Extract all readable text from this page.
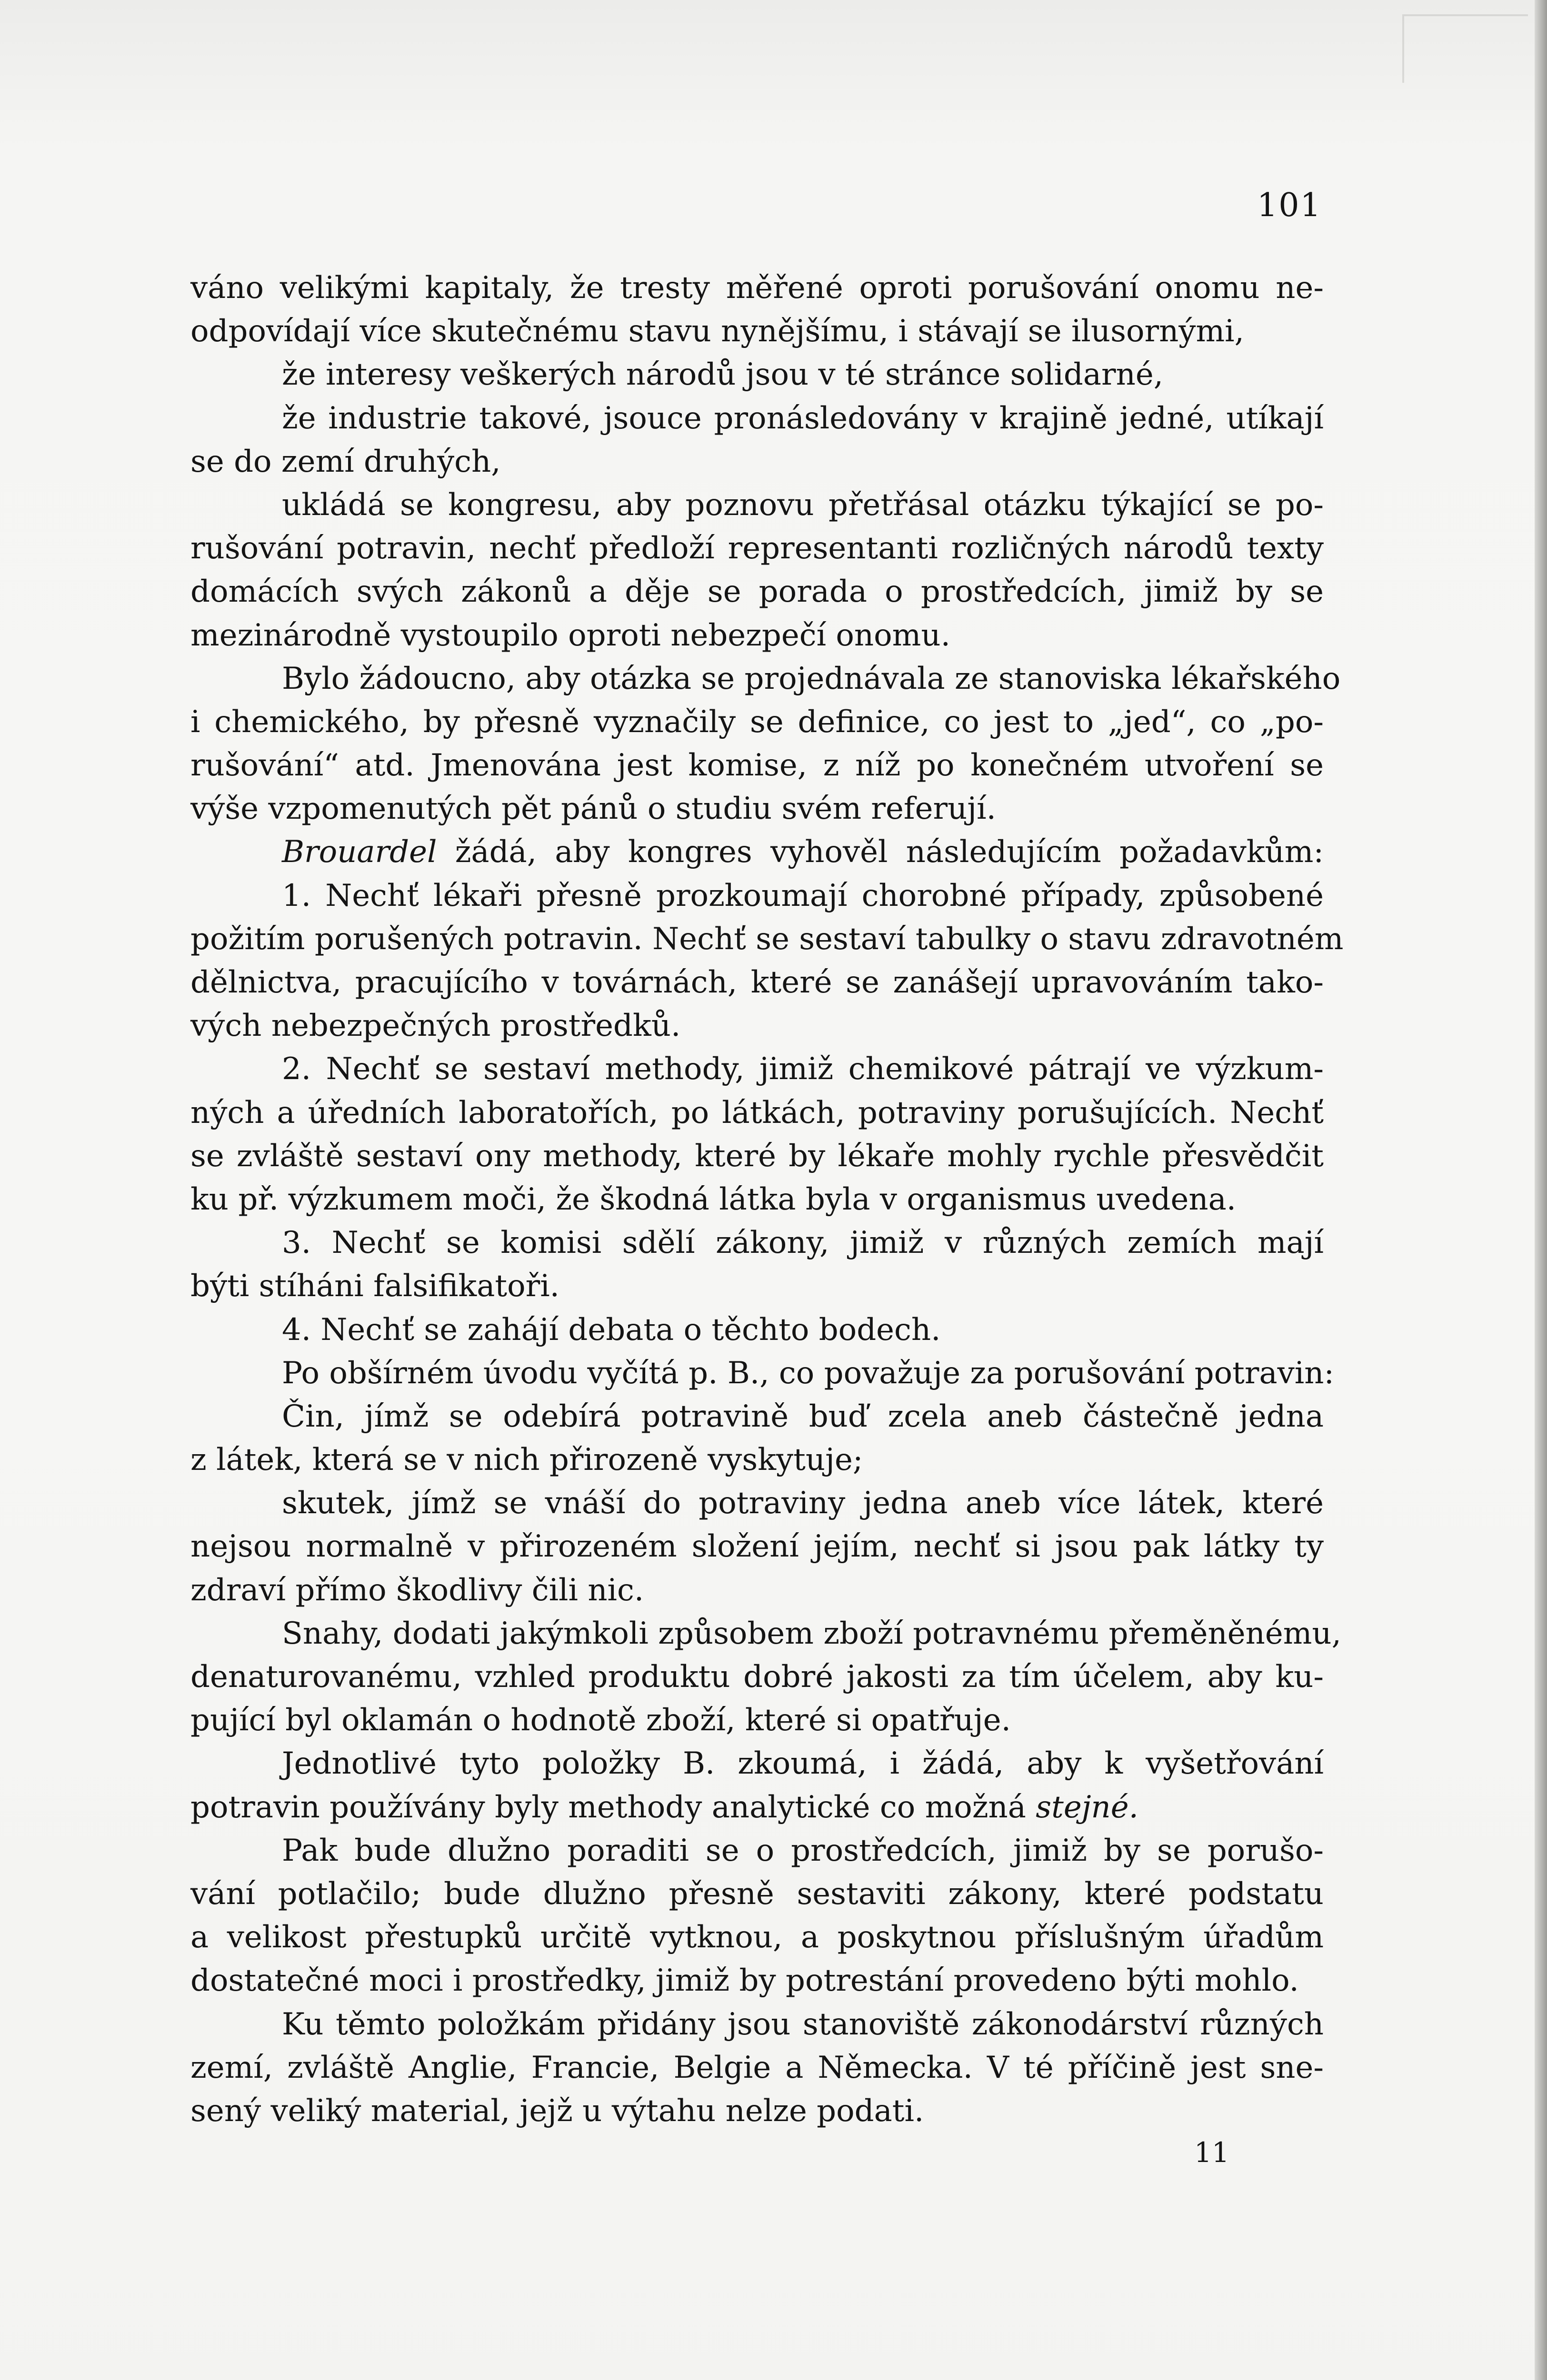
101
váno velikými kapitaly, že tresty měřené oproti porušování onomu ne-
odpovídají více skutečnému stavu nynějšímu, i stávají se ilusornými,
že interesy veškerých národů jsou v té stránce solidarné,
že industrie takové, jsouce pronásledovány v krajině jedné, utíkají
se do zemí druhých,
ukládá se kongresu, aby poznovu přetřásal otázku týkající se po-
rušování potravin, nechť předloží representanti rozličných národů texty
domácích svých zákonů a děje se porada o prostředcích, jimiž by se
mezinárodně vystoupilo oproti nebezpečí onomu.
Bylo žádoucno, aby otázka se projednávala ze stanoviska lékařského
i chemického, by přesně vyznačily se definice, co jest to „jed“, co „po-
rušování“ atd. Jmenována jest komise, z níž po konečném utvoření se
výše vzpomenutých pět pánů o studiu svém referují.
Brouardel žádá, aby kongres vyhověl následujícím požadavkům:
1. Nechť lékaři přesně prozkoumají chorobné případy, způsobené
požitím porušených potravin. Nechť se sestaví tabulky o stavu zdravotném
dělnictva, pracujícího v továrnách, které se zanášejí upravováním tako-
vých nebezpečných prostředků.
2. Nechť se sestaví methody, jimiž chemikové pátrají ve výzkum-
ných a úředních laboratořích, po látkách, potraviny porušujících. Nechť
se zvláště sestaví ony methody, které by lékaře mohly rychle přesvědčit
ku př. výzkumem moči, že škodná látka byla v organismus uvedena.
3. Nechť se komisi sdělí zákony, jimiž v různých zemích mají
býti stíháni falsifikatoři.
4. Nechť se zahájí debata o těchto bodech.
Po obšírném úvodu vyčítá p. B., co považuje za porušování potravin:
Čin, jímž se odebírá potravině buď zcela aneb částečně jedna
z látek, která se v nich přirozeně vyskytuje;
skutek, jímž se vnáší do potraviny jedna aneb více látek, které
nejsou normalně v přirozeném složení jejím, nechť si jsou pak látky ty
zdraví přímo škodlivy čili nic.
Snahy, dodati jakýmkoli způsobem zboží potravnému přeměněnému,
denaturovanému, vzhled produktu dobré jakosti za tím účelem, aby ku-
pující byl oklamán o hodnotě zboží, které si opatřuje.
Jednotlivé tyto položky B. zkoumá, i žádá, aby k vyšetřování
potravin používány byly methody analytické co možná stejné.
Pak bude dlužno poraditi se o prostředcích, jimiž by se porušo-
vání potlačilo; bude dlužno přesně sestaviti zákony, které podstatu
a velikost přestupků určitě vytknou, a poskytnou příslušným úřadům
dostatečné moci i prostředky, jimiž by potrestání provedeno býti mohlo.
Ku těmto položkám přidány jsou stanoviště zákonodárství různých
zemí, zvláště Anglie, Francie, Belgie a Německa. V té příčině jest sne-
sený veliký material, jejž u výtahu nelze podati.
11
